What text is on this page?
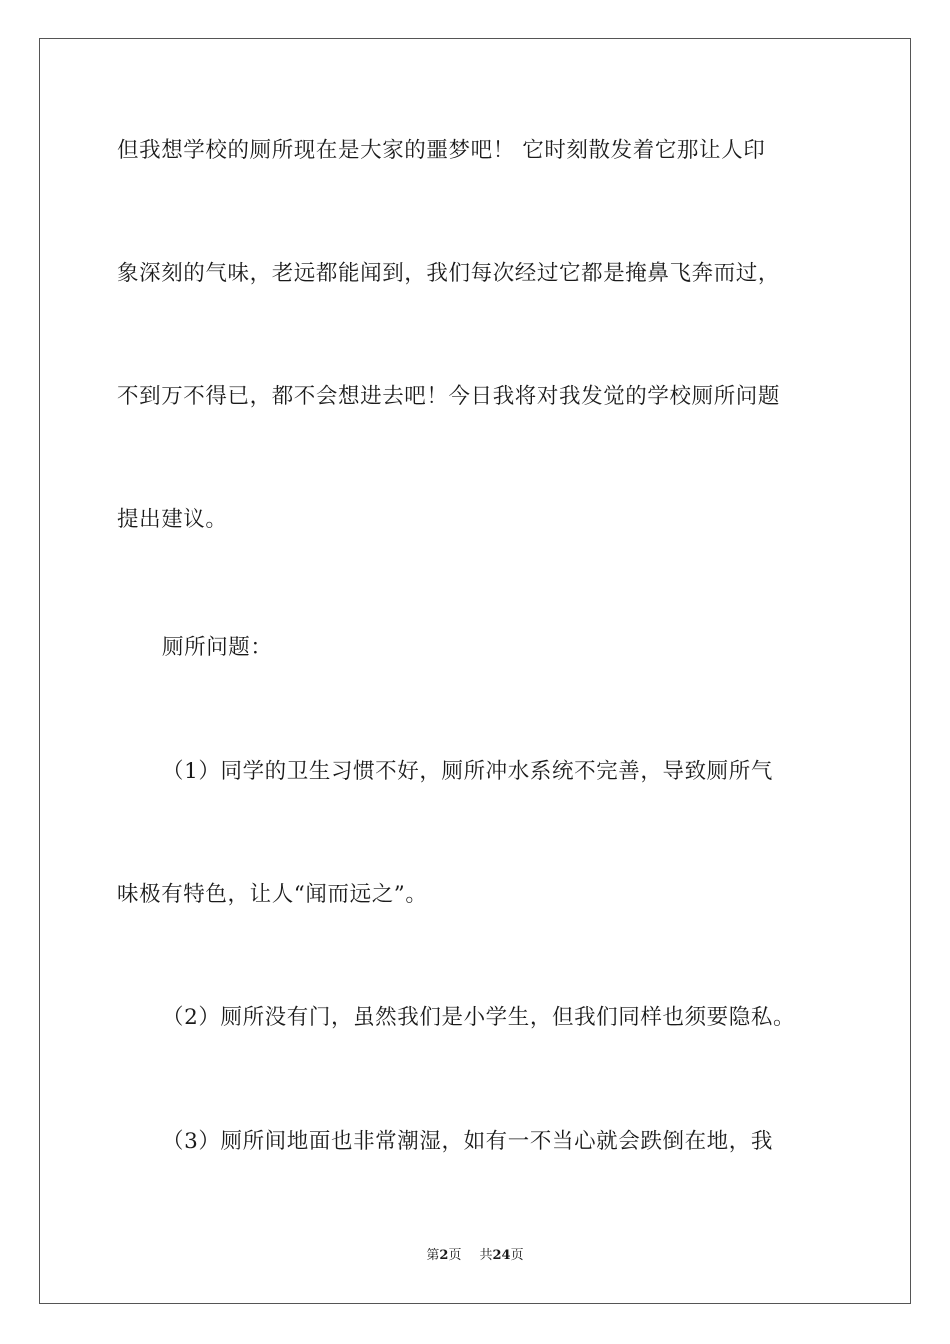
但我想学校的厕所现在是大家的噩梦吧！ 它时刻散发着它那让人印
象深刻的气味，老远都能闻到，我们每次经过它都是掩鼻飞奔而过，
不到万不得已，都不会想进去吧！今日我将对我发觉的学校厕所问题
提出建议。
厕所问题：
（1）同学的卫生习惯不好，厕所冲水系统不完善，导致厕所气
味极有特色，让人“闻而远之”。
（2）厕所没有门，虽然我们是小学生，但我们同样也须要隐私。
（3）厕所间地面也非常潮湿，如有一不当心就会跌倒在地，我
第2页 共24页
